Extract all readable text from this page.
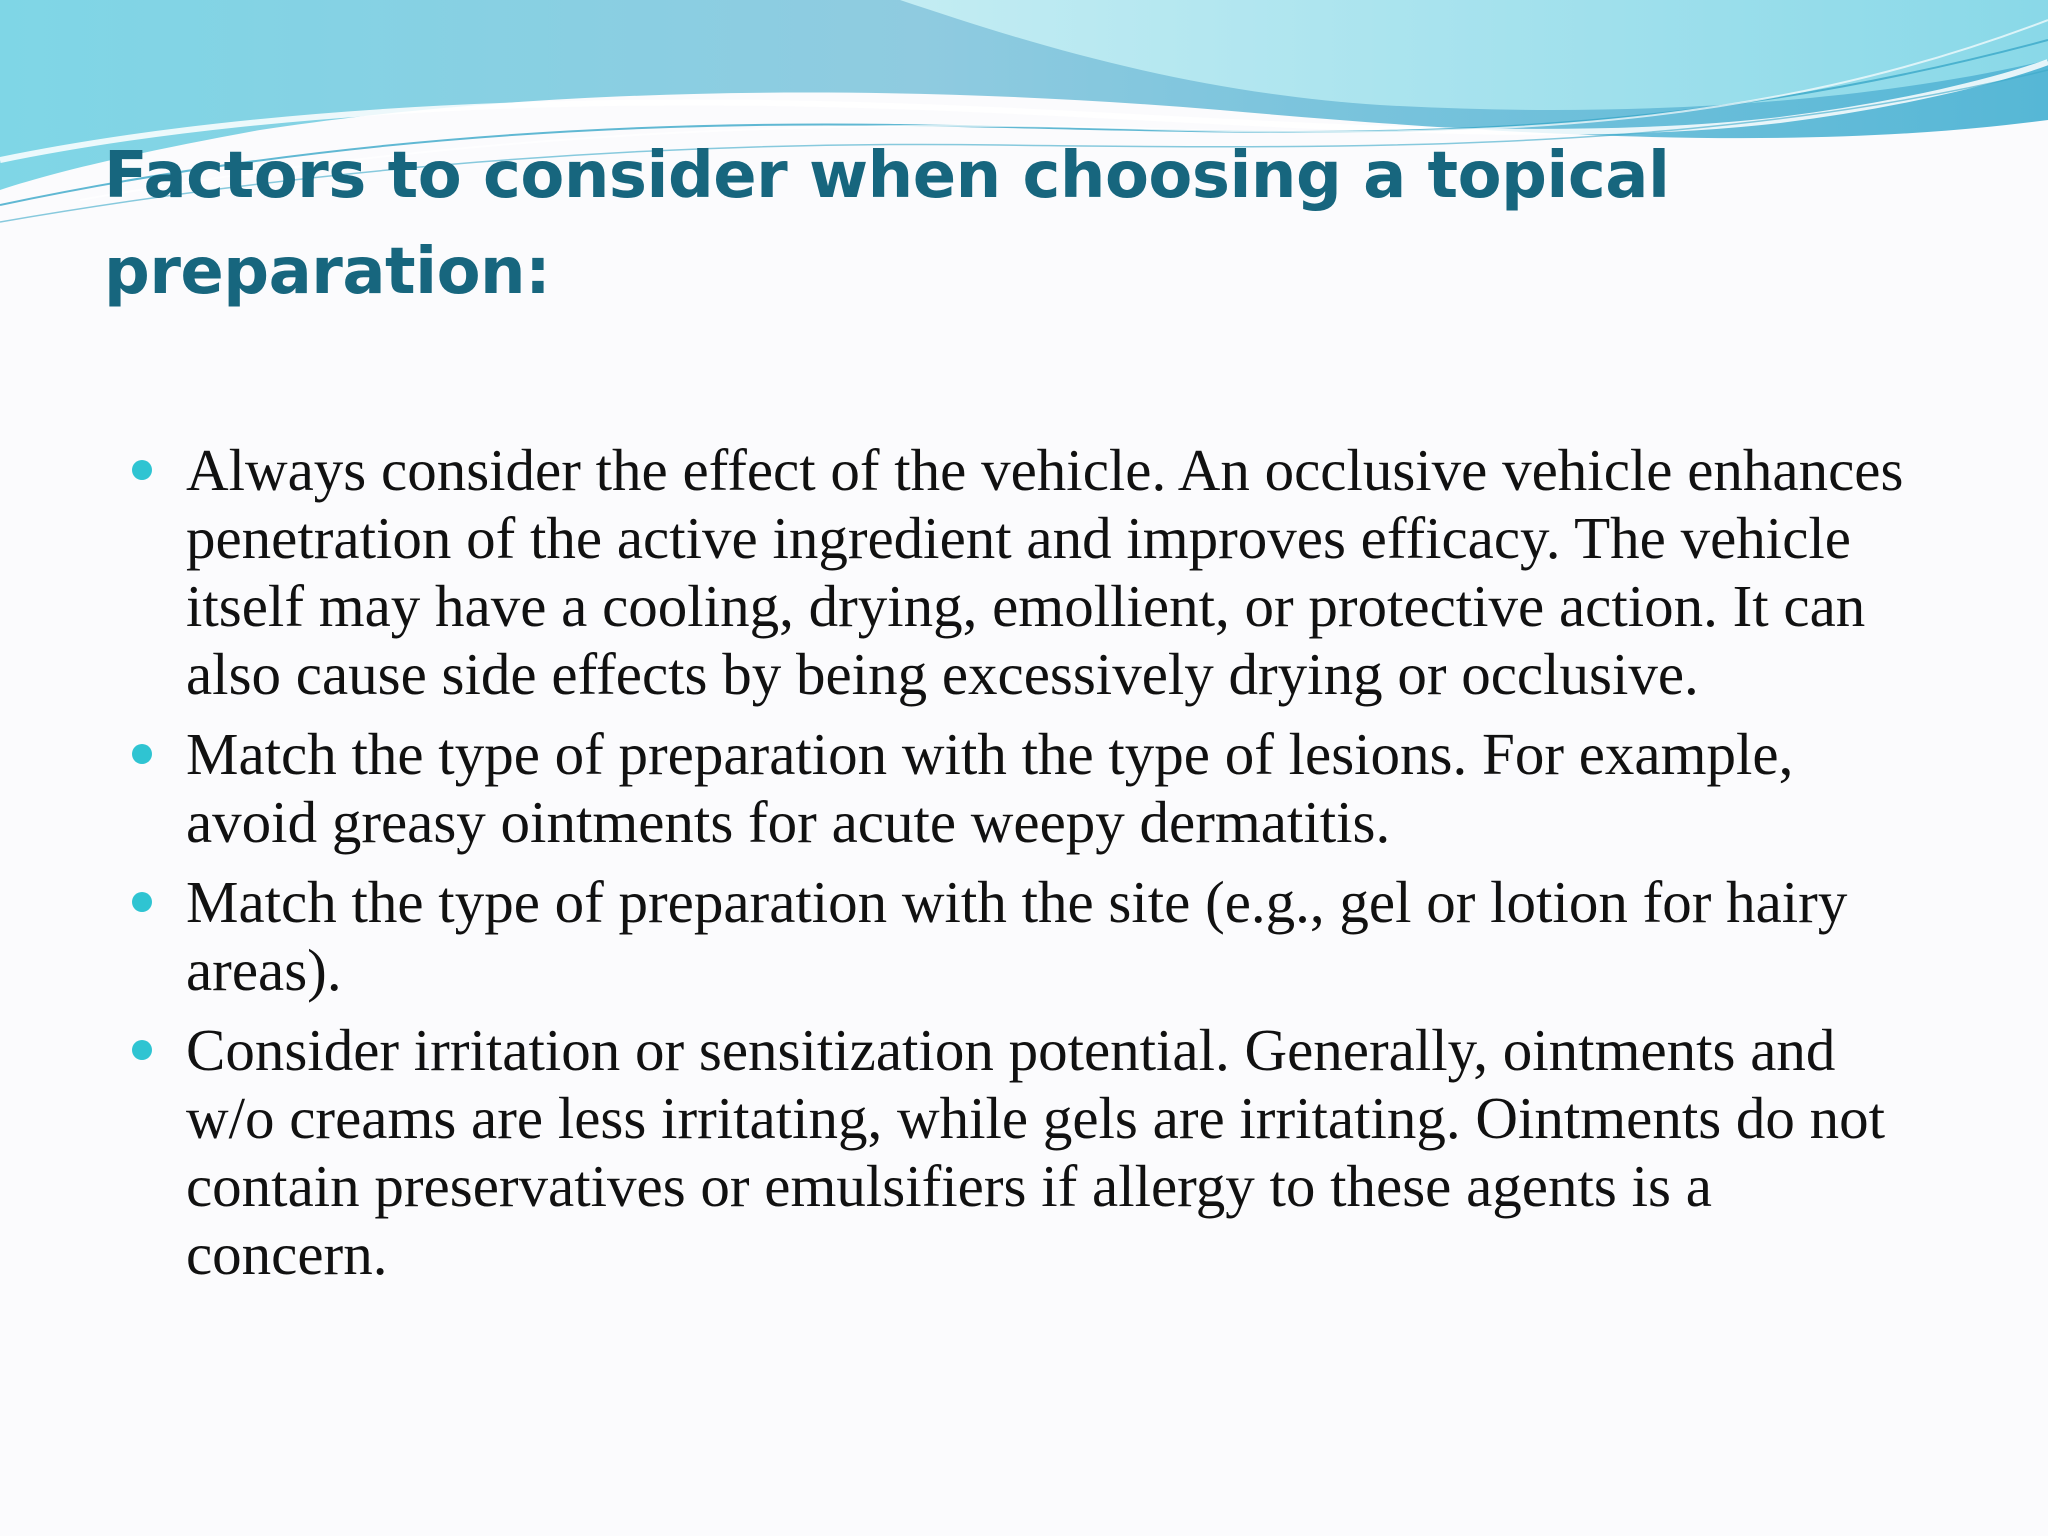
Factors to consider when choosing a topical
preparation:
Always consider the effect of the vehicle. An occlusive vehicle enhances penetration of the active ingredient and improves efficacy. The vehicle itself may have a cooling, drying, emollient, or protective action. It can also cause side effects by being excessively drying or occlusive.
Match the type of preparation with the type of lesions. For example, avoid greasy ointments for acute weepy dermatitis.
Match the type of preparation with the site (e.g., gel or lotion for hairy areas).
Consider irritation or sensitization potential. Generally, ointments and w/o creams are less irritating, while gels are irritating. Ointments do not contain preservatives or emulsifiers if allergy to these agents is a concern.
